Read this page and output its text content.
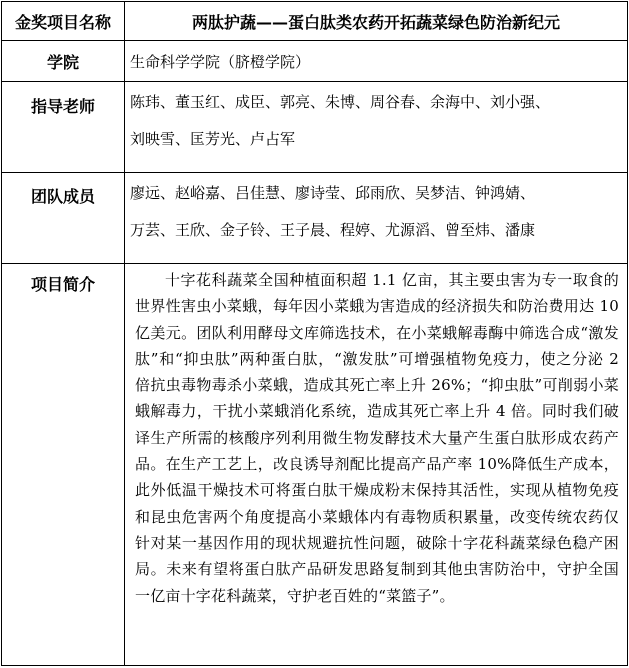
金奖项目名称	两肽护蔬——蛋白肽类农药开拓蔬菜绿色防治新纪元
学院	生命科学学院（脐橙学院）
指导老师	陈玮、董玉红、成臣、郭亮、朱博、周谷春、余海中、刘小强、
刘映雪、匡芳光、卢占军
团队成员	廖远、赵峪嘉、吕佳慧、廖诗莹、邱雨欣、吴梦洁、钟鸿婧、
万芸、王欣、金子铃、王子晨、程婷、尤源滔、曾至炜、潘康
项目简介	十字花科蔬菜全国种植面积超 1.1 亿亩，其主要虫害为专一取食的世界性害虫小菜蛾，每年因小菜蛾为害造成的经济损失和防治费用达 10 亿美元。团队利用酵母文库筛选技术，在小菜蛾解毒酶中筛选合成“激发肽”和“抑虫肽”两种蛋白肽，“激发肽”可增强植物免疫力，使之分泌 2 倍抗虫毒物毒杀小菜蛾，造成其死亡率上升 26%；“抑虫肽”可削弱小菜蛾解毒力，干扰小菜蛾消化系统，造成其死亡率上升 4 倍。同时我们破译生产所需的核酸序列利用微生物发酵技术大量产生蛋白肽形成农药产品。在生产工艺上，改良诱导剂配比提高产品产率 10%降低生产成本，此外低温干燥技术可将蛋白肽干燥成粉末保持其活性，实现从植物免疫和昆虫危害两个角度提高小菜蛾体内有毒物质积累量，改变传统农药仅针对某一基因作用的现状规避抗性问题，破除十字花科蔬菜绿色稳产困局。未来有望将蛋白肽产品研发思路复制到其他虫害防治中，守护全国一亿亩十字花科蔬菜，守护老百姓的“菜篮子”。
